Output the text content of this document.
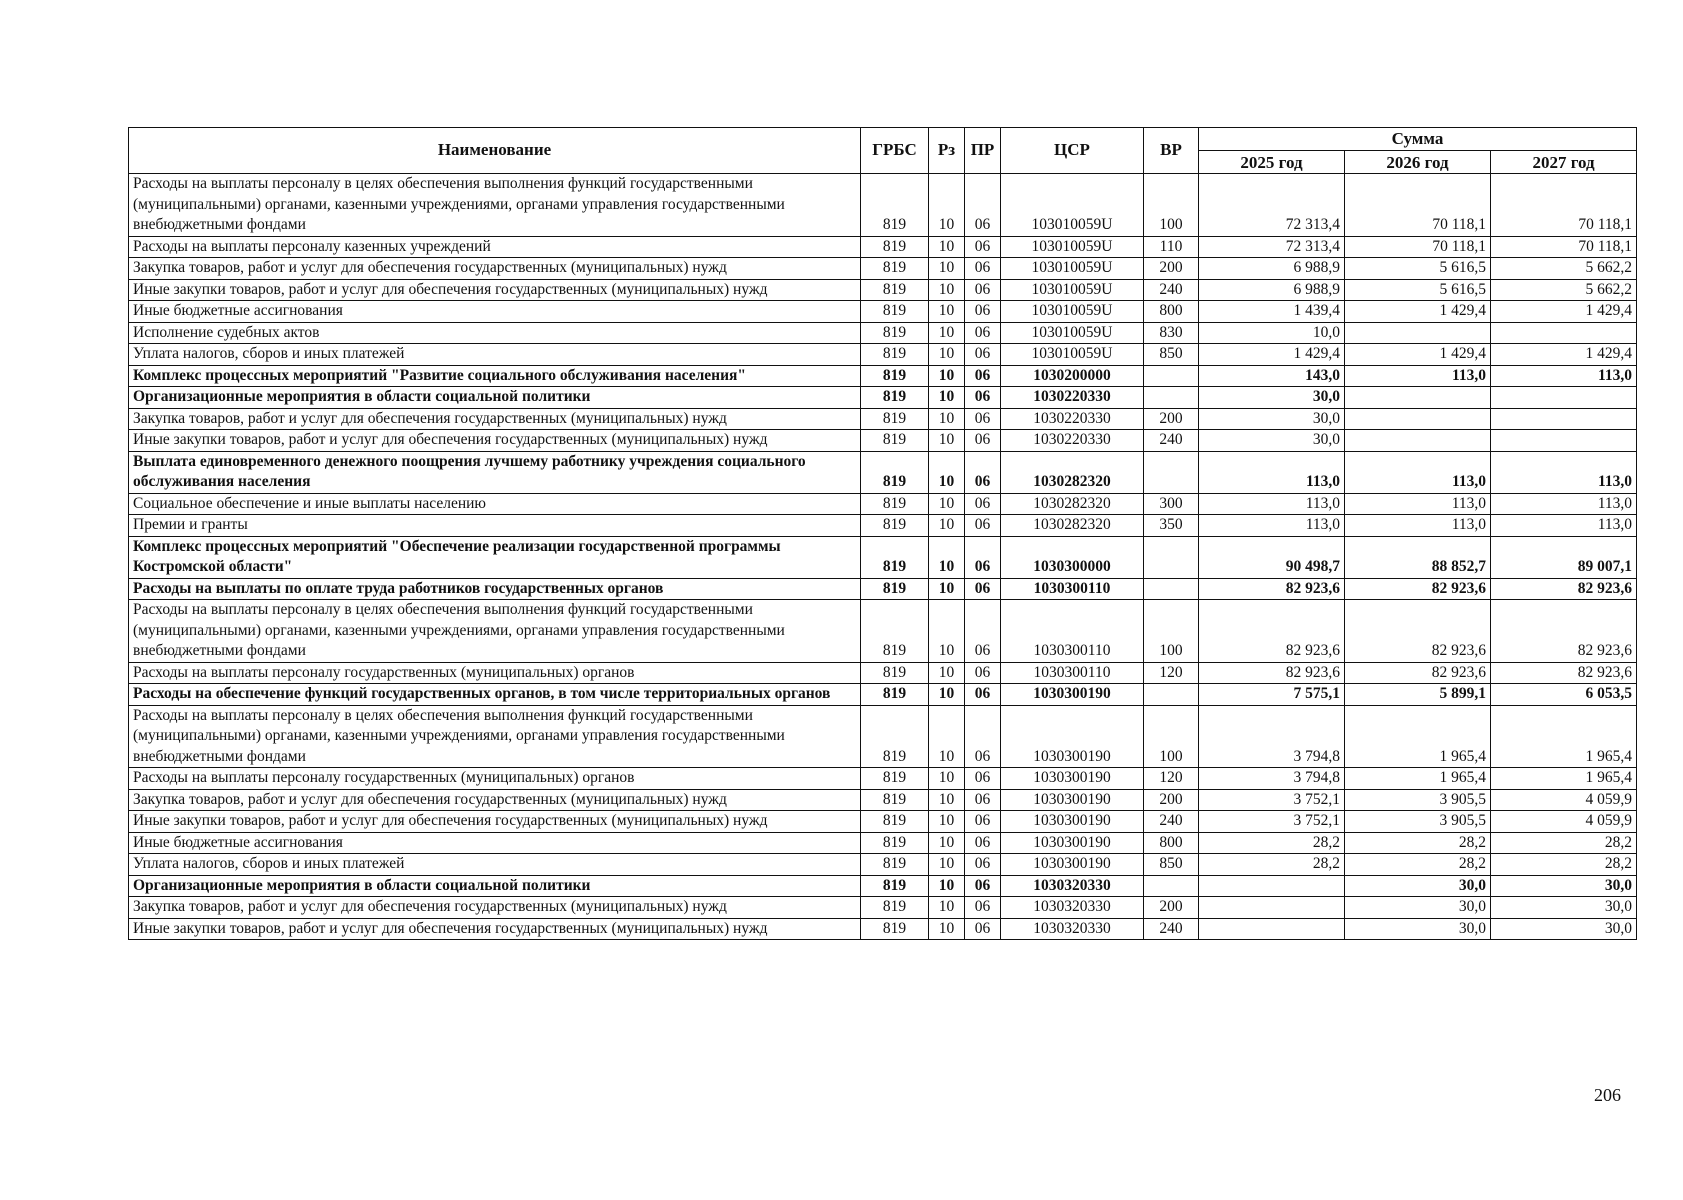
Наименование	ГРБС	Рз	ПР	ЦСР	ВР	Сумма		
						2025 год	2026 год	2027 год
Расходы на выплаты персоналу в целях обеспечения выполнения функций государственными (муниципальными) органами, казенными учреждениями, органами управления государственными внебюджетными фондами	819	10	06	103010059U	100	72 313,4	70 118,1	70 118,1
Расходы на выплаты персоналу казенных учреждений	819	10	06	103010059U	110	72 313,4	70 118,1	70 118,1
Закупка товаров, работ и услуг для обеспечения государственных (муниципальных) нужд	819	10	06	103010059U	200	6 988,9	5 616,5	5 662,2
Иные закупки товаров, работ и услуг для обеспечения государственных (муниципальных) нужд	819	10	06	103010059U	240	6 988,9	5 616,5	5 662,2
Иные бюджетные ассигнования	819	10	06	103010059U	800	1 439,4	1 429,4	1 429,4
Исполнение судебных актов	819	10	06	103010059U	830	10,0		
Уплата налогов, сборов и иных платежей	819	10	06	103010059U	850	1 429,4	1 429,4	1 429,4
Комплекс процессных мероприятий "Развитие социального обслуживания населения"	819	10	06	1030200000		143,0	113,0	113,0
Организационные мероприятия в области социальной политики	819	10	06	1030220330		30,0		
Закупка товаров, работ и услуг для обеспечения государственных (муниципальных) нужд	819	10	06	1030220330	200	30,0		
Иные закупки товаров, работ и услуг для обеспечения государственных (муниципальных) нужд	819	10	06	1030220330	240	30,0		
Выплата единовременного денежного поощрения лучшему работнику учреждения социального обслуживания населения	819	10	06	1030282320		113,0	113,0	113,0
Социальное обеспечение и иные выплаты населению	819	10	06	1030282320	300	113,0	113,0	113,0
Премии и гранты	819	10	06	1030282320	350	113,0	113,0	113,0
Комплекс процессных мероприятий "Обеспечение реализации государственной программы Костромской области"	819	10	06	1030300000		90 498,7	88 852,7	89 007,1
Расходы на выплаты по оплате труда работников государственных органов	819	10	06	1030300110		82 923,6	82 923,6	82 923,6
Расходы на выплаты персоналу в целях обеспечения выполнения функций государственными (муниципальными) органами, казенными учреждениями, органами управления государственными внебюджетными фондами	819	10	06	1030300110	100	82 923,6	82 923,6	82 923,6
Расходы на выплаты персоналу государственных (муниципальных) органов	819	10	06	1030300110	120	82 923,6	82 923,6	82 923,6
Расходы на обеспечение функций государственных органов, в том числе территориальных органов	819	10	06	1030300190		7 575,1	5 899,1	6 053,5
Расходы на выплаты персоналу в целях обеспечения выполнения функций государственными (муниципальными) органами, казенными учреждениями, органами управления государственными внебюджетными фондами	819	10	06	1030300190	100	3 794,8	1 965,4	1 965,4
Расходы на выплаты персоналу государственных (муниципальных) органов	819	10	06	1030300190	120	3 794,8	1 965,4	1 965,4
Закупка товаров, работ и услуг для обеспечения государственных (муниципальных) нужд	819	10	06	1030300190	200	3 752,1	3 905,5	4 059,9
Иные закупки товаров, работ и услуг для обеспечения государственных (муниципальных) нужд	819	10	06	1030300190	240	3 752,1	3 905,5	4 059,9
Иные бюджетные ассигнования	819	10	06	1030300190	800	28,2	28,2	28,2
Уплата налогов, сборов и иных платежей	819	10	06	1030300190	850	28,2	28,2	28,2
Организационные мероприятия в области социальной политики	819	10	06	1030320330			30,0	30,0
Закупка товаров, работ и услуг для обеспечения государственных (муниципальных) нужд	819	10	06	1030320330	200		30,0	30,0
Иные закупки товаров, работ и услуг для обеспечения государственных (муниципальных) нужд	819	10	06	1030320330	240		30,0	30,0
206
